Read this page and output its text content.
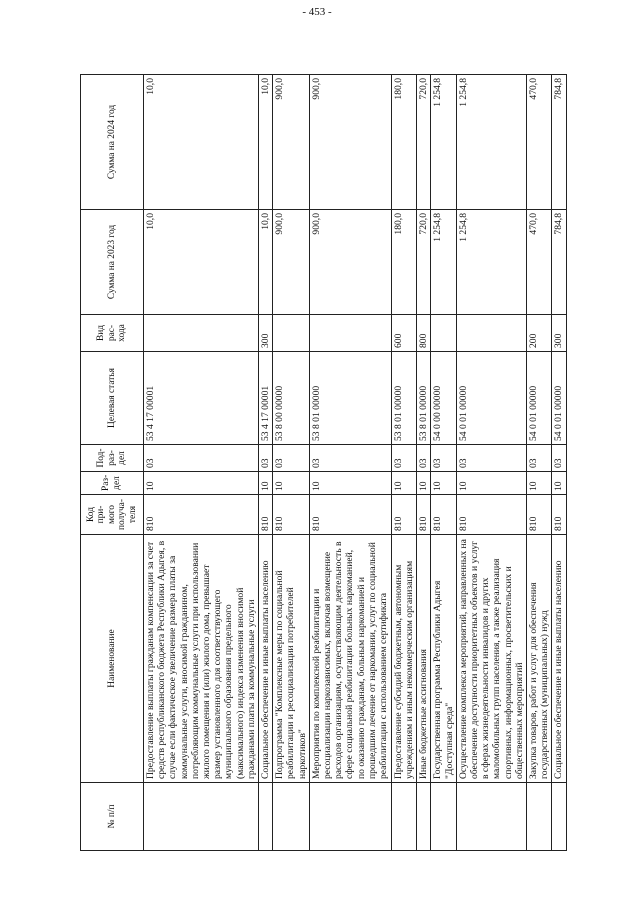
- 453 -
№ п/п	Наименование	Код при-мого получа-теля	Раз-дел	Под-раз-дел	Целевая статья	Вид рас-хода	Сумма на 2023 год	Сумма на 2024 год
	Предоставление выплаты гражданам компенсации за счет средств республиканского бюджета Республики Адыгея, в случае если фактическое увеличение размера платы за коммунальные услуги, вносимой гражданином, потребляющим коммунальные услуги при использовании жилого помещения и (или) жилого дома, превышает размер установленного для соответствующего муниципального образования предельного (максимального) индекса изменения вносимой гражданами платы за коммунальные услуги	810	10	03	53 4 17 00001		10,0	10,0
	Социальное обеспечение и иные выплаты населению	810	10	03	53 4 17 00001	300	10,0	10,0
	Подпрограмма "Комплексные меры по социальной реабилитации и ресоциализации потребителей наркотиков"	810	10	03	53 8 00 00000		900,0	900,0
	Мероприятия по комплексной реабилитации и ресоциализации наркозависимых, включая возмещение расходов организациям, осуществляющим деятельность в сфере социальной реабилитации больных наркоманией, по оказанию гражданам, больным наркоманией и прошедшим лечение от наркомании, услуг по социальной реабилитации с использованием сертификата	810	10	03	53 8 01 00000		900,0	900,0
	Предоставление субсидий бюджетным, автономным учреждениям и иным некоммерческим организациям	810	10	03	53 8 01 00000	600	180,0	180,0
	Иные бюджетные ассигнования	810	10	03	53 8 01 00000	800	720,0	720,0
	Государственная программа Республики Адыгея "Доступная среда"	810	10	03	54 0 00 00000		1 254,8	1 254,8
	Осуществление комплекса мероприятий, направленных на обеспечение доступности приоритетных объектов и услуг в сферах жизнедеятельности инвалидов и других маломобильных групп населения, а также реализация спортивных, информационных, просветительских и общественных мероприятий	810	10	03	54 0 01 00000		1 254,8	1 254,8
	Закупка товаров, работ и услуг для обеспечения государственных (муниципальных) нужд	810	10	03	54 0 01 00000	200	470,0	470,0
	Социальное обеспечение и иные выплаты населению	810	10	03	54 0 01 00000	300	784,8	784,8
